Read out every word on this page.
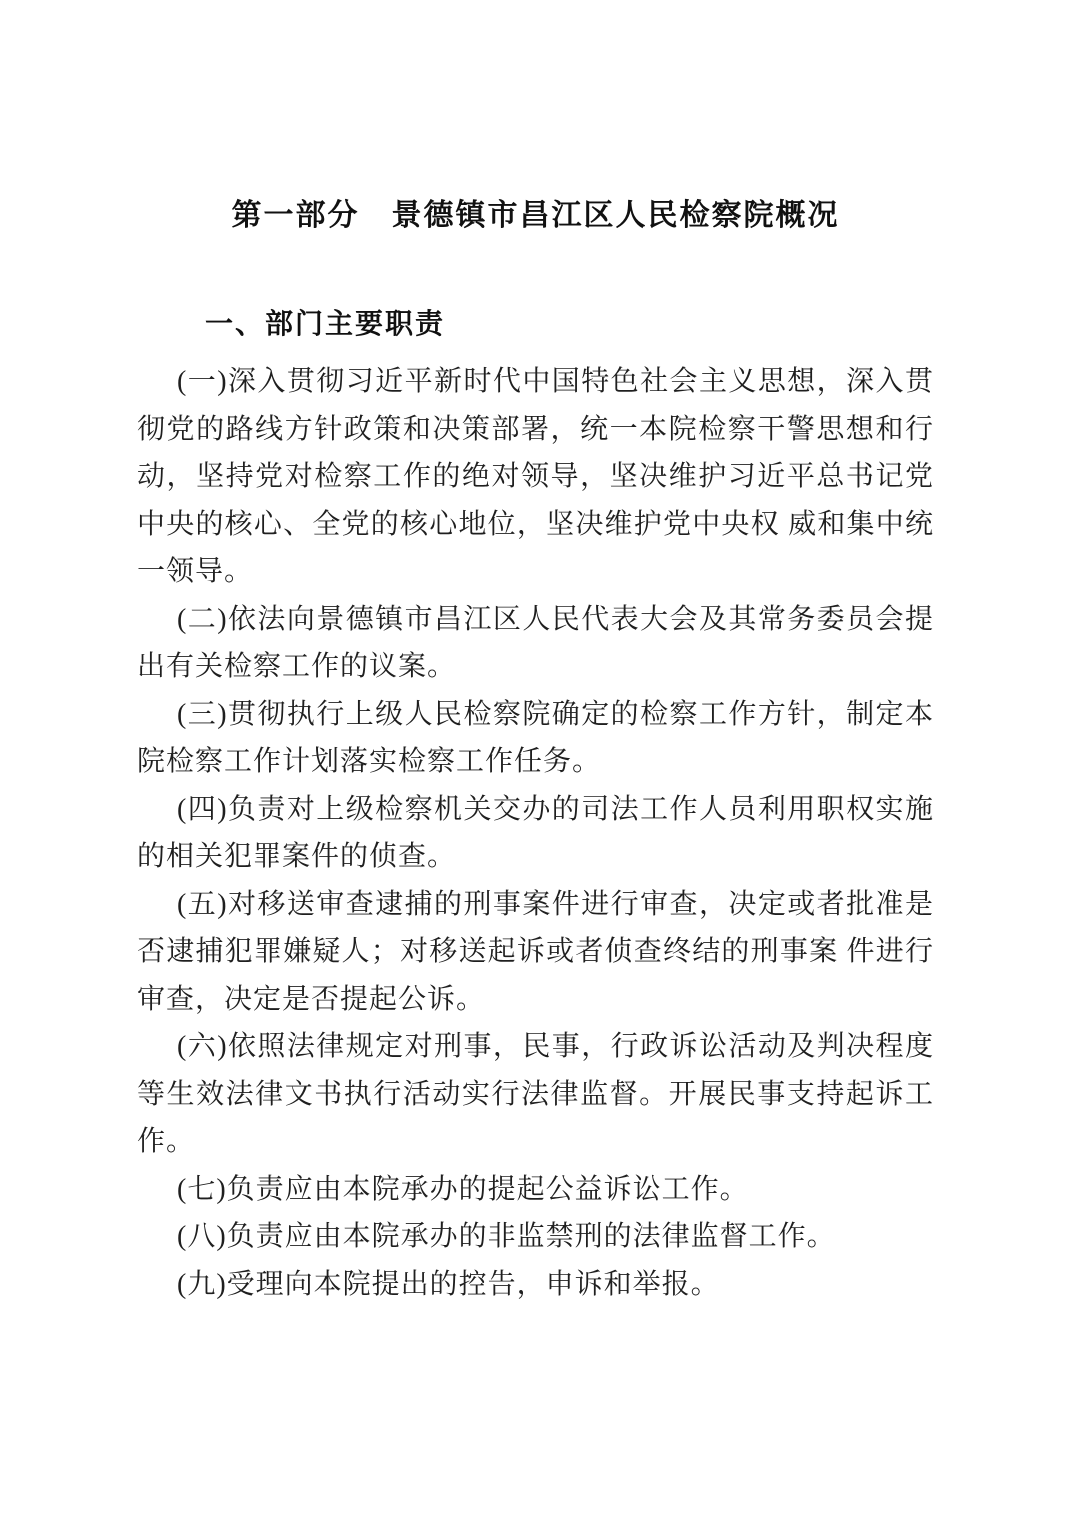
第一部分　景德镇市昌江区人民检察院概况
一、部门主要职责

(一)深入贯彻习近平新时代中国特色社会主义思想，深入贯彻党的路线方针政策和决策部署，统一本院检察干警思想和行动，坚持党对检察工作的绝对领导，坚决维护习近平总书记党中央的核心、全党的核心地位，坚决维护党中央权 威和集中统一领导。

(二)依法向景德镇市昌江区人民代表大会及其常务委员会提出有关检察工作的议案。

(三)贯彻执行上级人民检察院确定的检察工作方针，制定本院检察工作计划落实检察工作任务。

(四)负责对上级检察机关交办的司法工作人员利用职权实施的相关犯罪案件的侦查。

(五)对移送审查逮捕的刑事案件进行审查，决定或者批准是否逮捕犯罪嫌疑人；对移送起诉或者侦查终结的刑事案 件进行审查，决定是否提起公诉。

(六)依照法律规定对刑事，民事，行政诉讼活动及判决程度等生效法律文书执行活动实行法律监督。开展民事支持起诉工作。

(七)负责应由本院承办的提起公益诉讼工作。

(八)负责应由本院承办的非监禁刑的法律监督工作。

(九)受理向本院提出的控告，申诉和举报。
